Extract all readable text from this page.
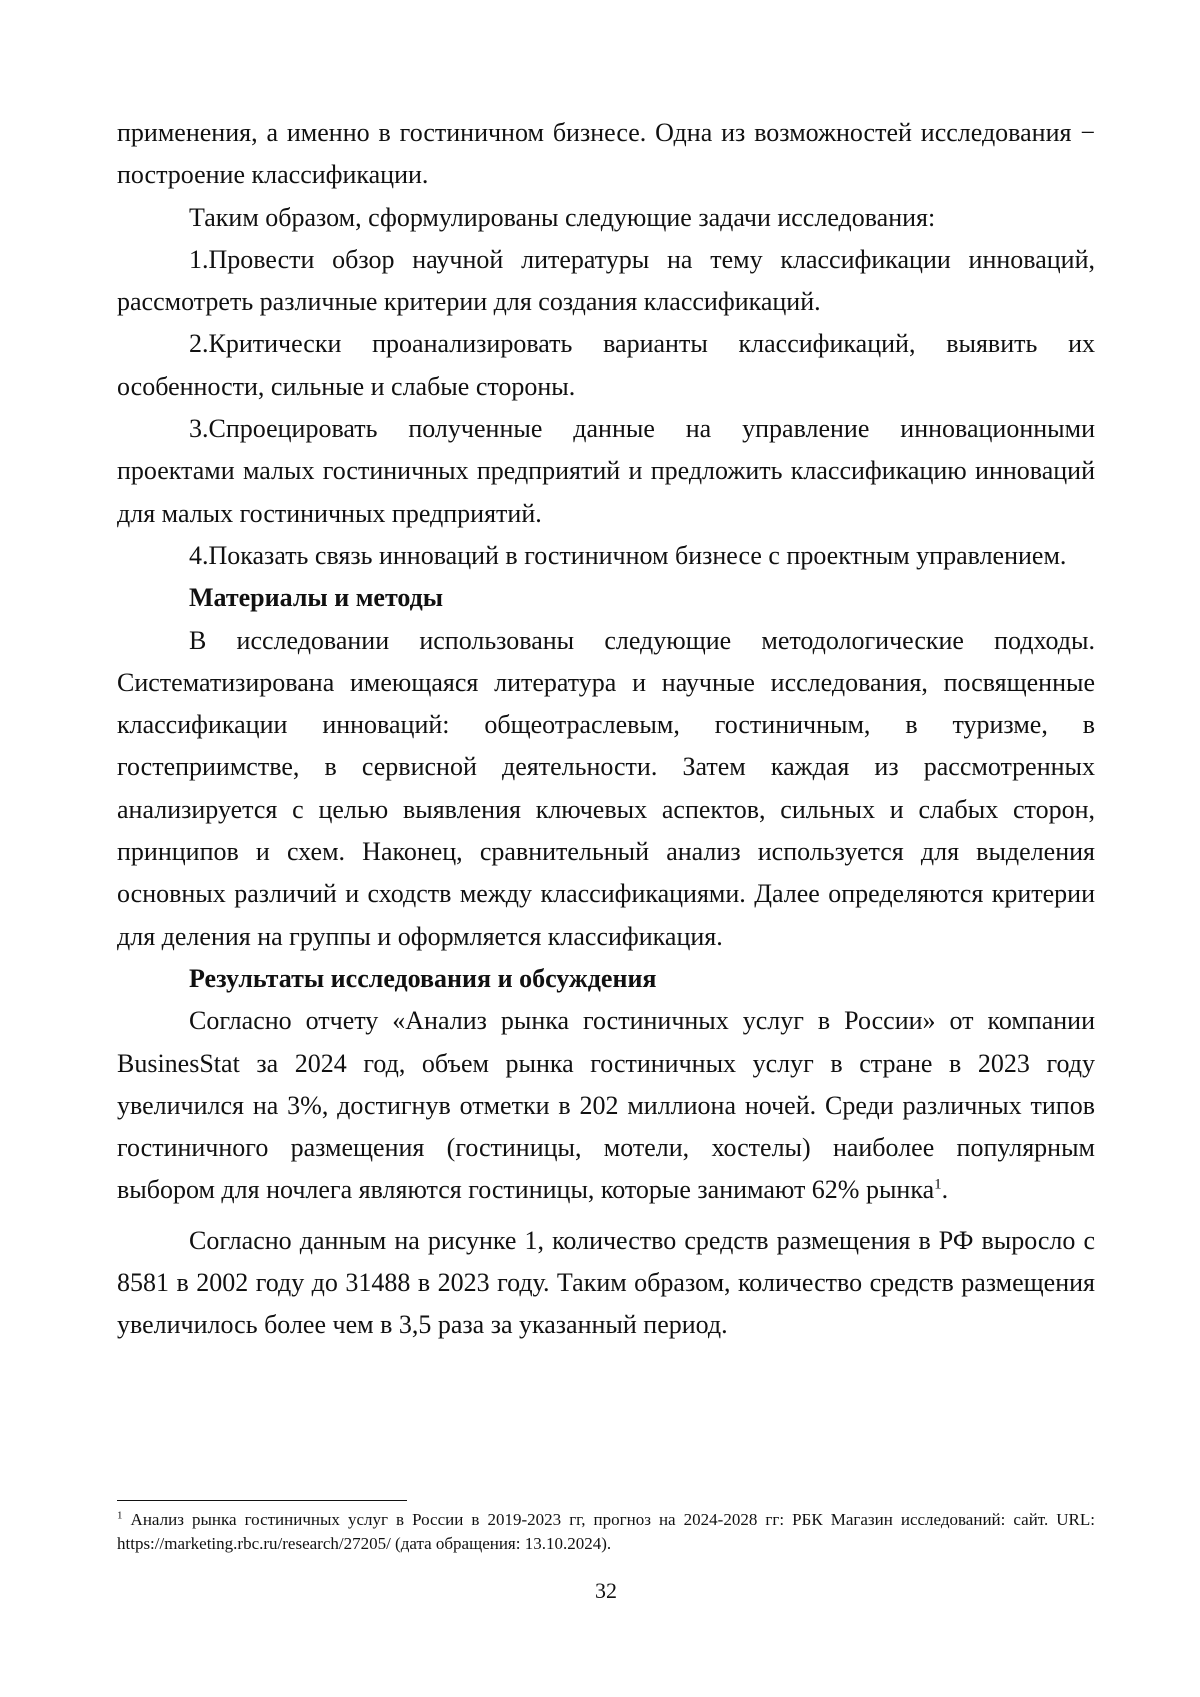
применения, а именно в гостиничном бизнесе. Одна из возможностей исследования − построение классификации.

Таким образом, сформулированы следующие задачи исследования:

1.Провести обзор научной литературы на тему классификации инноваций, рассмотреть различные критерии для создания классификаций.

2.Критически проанализировать варианты классификаций, выявить их особенности, сильные и слабые стороны.

3.Спроецировать полученные данные на управление инновационными проектами малых гостиничных предприятий и предложить классификацию инноваций для малых гостиничных предприятий.

4.Показать связь инноваций в гостиничном бизнесе с проектным управлением.

Материалы и методы

В исследовании использованы следующие методологические подходы. Систематизирована имеющаяся литература и научные исследования, посвященные классификации инноваций: общеотраслевым, гостиничным, в туризме, в гостеприимстве, в сервисной деятельности. Затем каждая из рассмотренных анализируется с целью выявления ключевых аспектов, сильных и слабых сторон, принципов и схем. Наконец, сравнительный анализ используется для выделения основных различий и сходств между классификациями. Далее определяются критерии для деления на группы и оформляется классификация.

Результаты исследования и обсуждения

Согласно отчету «Анализ рынка гостиничных услуг в России» от компании BusinesStat за 2024 год, объем рынка гостиничных услуг в стране в 2023 году увеличился на 3%, достигнув отметки в 202 миллиона ночей. Среди различных типов гостиничного размещения (гостиницы, мотели, хостелы) наиболее популярным выбором для ночлега являются гостиницы, которые занимают 62% рынка$^1$.

Согласно данным на рисунке 1, количество средств размещения в РФ выросло с 8581 в 2002 году до 31488 в 2023 году. Таким образом, количество средств размещения увеличилось более чем в 3,5 раза за указанный период.

$^1$ Анализ рынка гостиничных услуг в России в 2019-2023 гг, прогноз на 2024-2028 гг: РБК Магазин исследований: сайт. URL: https://marketing.rbc.ru/research/27205/ (дата обращения: 13.10.2024).

32
